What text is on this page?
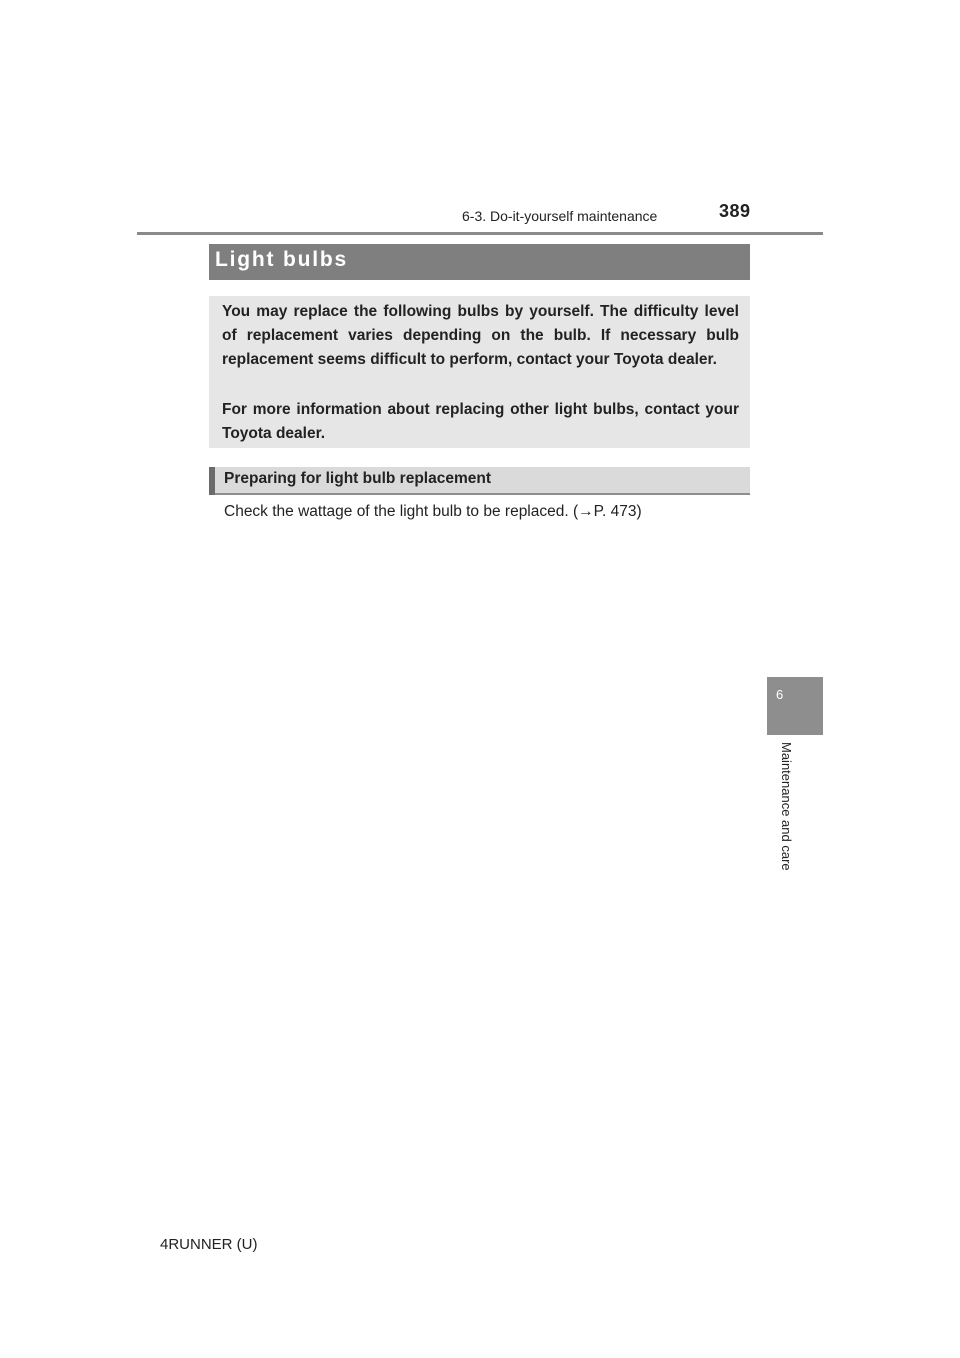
6-3. Do-it-yourself maintenance	389
6
Maintenance and care
Light bulbs

You may replace the following bulbs by yourself. The difficulty level of replacement varies depending on the bulb. If necessary bulb replacement seems difficult to perform, contact your Toyota dealer.

For more information about replacing other light bulbs, contact your Toyota dealer.

Preparing for light bulb replacement
Check the wattage of the light bulb to be replaced. (→P. 473)
4RUNNER (U)
